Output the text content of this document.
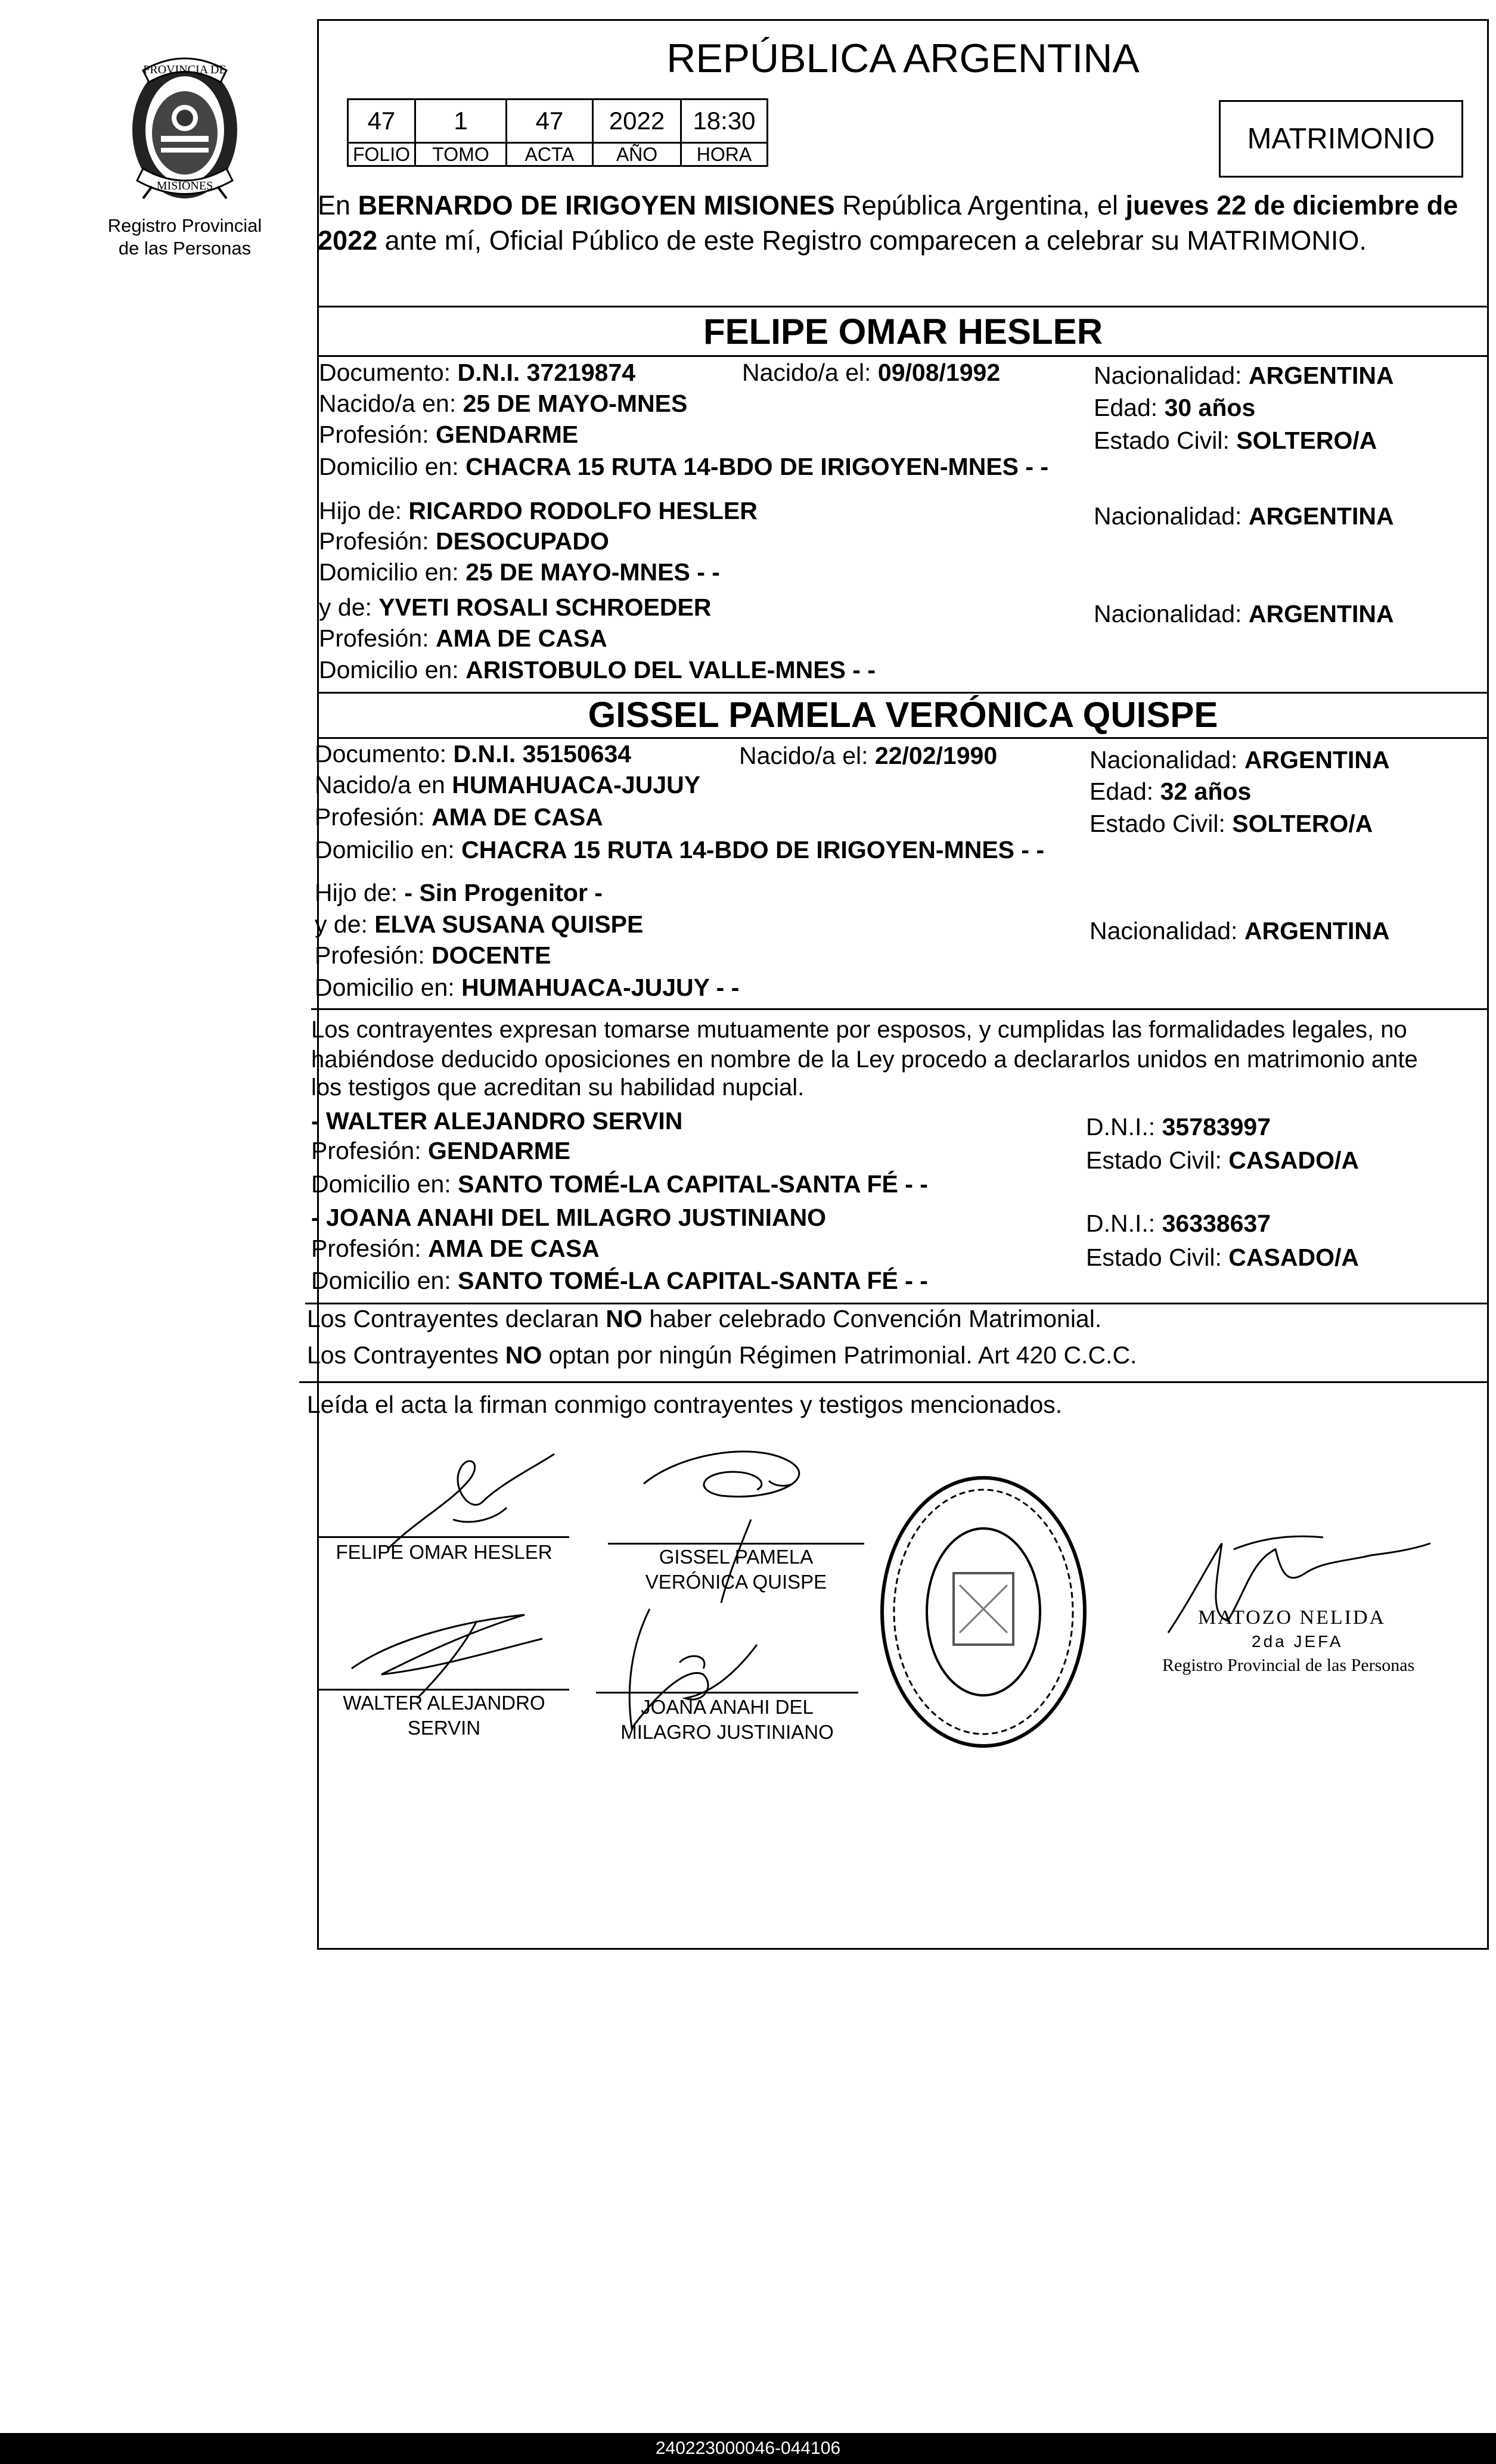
PROVINCIA DE
MISIONES
Registro Provincial
de las Personas
REPÚBLICA ARGENTINA
47	1	47	2022	18:30
FOLIO	TOMO	ACTA	AÑO	HORA	MATRIMONIO
En BERNARDO DE IRIGOYEN MISIONES República Argentina, el jueves 22 de diciembre de 2022 ante mí, Oficial Público de este Registro comparecen a celebrar su MATRIMONIO.
FELIPE OMAR HESLER
Documento: D.N.I. 37219874	Nacido/a el: 09/08/1992	Nacionalidad: ARGENTINA
Nacido/a en: 25 DE MAYO-MNES	Edad: 30 años
Profesión: GENDARME	Estado Civil: SOLTERO/A
Domicilio en: CHACRA 15 RUTA 14-BDO DE IRIGOYEN-MNES - -
Hijo de: RICARDO RODOLFO HESLER	Nacionalidad: ARGENTINA
Profesión: DESOCUPADO
Domicilio en: 25 DE MAYO-MNES - -
y de: YVETI ROSALI SCHROEDER	Nacionalidad: ARGENTINA
Profesión: AMA DE CASA
Domicilio en: ARISTOBULO DEL VALLE-MNES - -
GISSEL PAMELA VERÓNICA QUISPE
Documento: D.N.I. 35150634	Nacido/a el: 22/02/1990	Nacionalidad: ARGENTINA
Nacido/a en HUMAHUACA-JUJUY	Edad: 32 años
Profesión: AMA DE CASA	Estado Civil: SOLTERO/A
Domicilio en: CHACRA 15 RUTA 14-BDO DE IRIGOYEN-MNES - -
Hijo de: - Sin Progenitor -
y de: ELVA SUSANA QUISPE	Nacionalidad: ARGENTINA
Profesión: DOCENTE
Domicilio en: HUMAHUACA-JUJUY - -
Los contrayentes expresan tomarse mutuamente por esposos, y cumplidas las formalidades legales, no
habiéndose deducido oposiciones en nombre de la Ley procedo a declararlos unidos en matrimonio ante
los testigos que acreditan su habilidad nupcial.
- WALTER ALEJANDRO SERVIN	D.N.I.: 35783997
Profesión: GENDARME	Estado Civil: CASADO/A
Domicilio en: SANTO TOMÉ-LA CAPITAL-SANTA FÉ - -
- JOANA ANAHI DEL MILAGRO JUSTINIANO	D.N.I.: 36338637
Profesión: AMA DE CASA	Estado Civil: CASADO/A
Domicilio en: SANTO TOMÉ-LA CAPITAL-SANTA FÉ - -
Los Contrayentes declaran NO haber celebrado Convención Matrimonial.
Los Contrayentes NO optan por ningún Régimen Patrimonial. Art 420 C.C.C.
Leída el acta la firman conmigo contrayentes y testigos mencionados.
FELIPE OMAR HESLER	GISSEL PAMELA
VERÓNICA QUISPE
WALTER ALEJANDRO
SERVIN
JOANA ANAHI DEL
MILAGRO JUSTINIANO
MATOZO NELIDA
2da JEFA
Registro Provincial de las Personas
240223000046-044106
